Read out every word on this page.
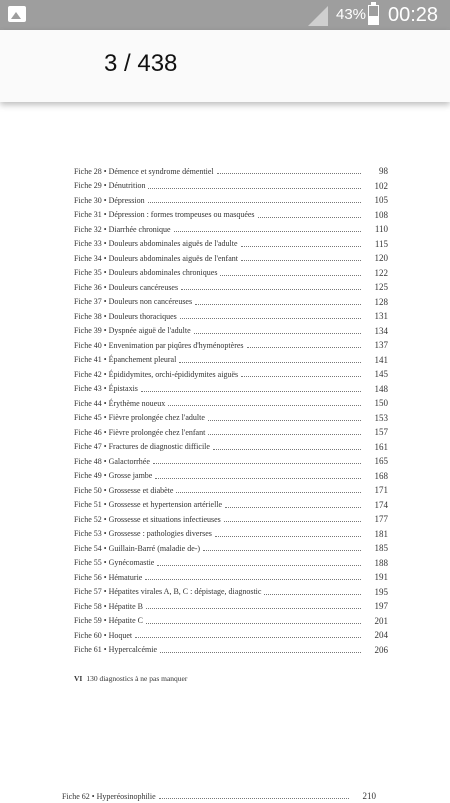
43% 00:28
3 / 438
Fiche 28 • Démence et syndrome démentiel	98
Fiche 29 • Dénutrition	102
Fiche 30 • Dépression	105
Fiche 31 • Dépression : formes trompeuses ou masquées	108
Fiche 32 • Diarrhée chronique	110
Fiche 33 • Douleurs abdominales aiguës de l'adulte	115
Fiche 34 • Douleurs abdominales aiguës de l'enfant	120
Fiche 35 • Douleurs abdominales chroniques	122
Fiche 36 • Douleurs cancéreuses	125
Fiche 37 • Douleurs non cancéreuses	128
Fiche 38 • Douleurs thoraciques	131
Fiche 39 • Dyspnée aiguë de l'adulte	134
Fiche 40 • Envenimation par piqûres d'hyménoptères	137
Fiche 41 • Épanchement pleural	141
Fiche 42 • Épididymites, orchi-épididymites aiguës	145
Fiche 43 • Épistaxis	148
Fiche 44 • Érythème noueux	150
Fiche 45 • Fièvre prolongée chez l'adulte	153
Fiche 46 • Fièvre prolongée chez l'enfant	157
Fiche 47 • Fractures de diagnostic difficile	161
Fiche 48 • Galactorrhée	165
Fiche 49 • Grosse jambe	168
Fiche 50 • Grossesse et diabète	171
Fiche 51 • Grossesse et hypertension artérielle	174
Fiche 52 • Grossesse et situations infectieuses	177
Fiche 53 • Grossesse : pathologies diverses	181
Fiche 54 • Guillain-Barré (maladie de-)	185
Fiche 55 • Gynécomastie	188
Fiche 56 • Hématurie	191
Fiche 57 • Hépatites virales A, B, C : dépistage, diagnostic	195
Fiche 58 • Hépatite B	197
Fiche 59 • Hépatite C	201
Fiche 60 • Hoquet	204
Fiche 61 • Hypercalcémie	206
VI 130 diagnostics à ne pas manquer
Fiche 62 • Hyperéosinophilie	210
